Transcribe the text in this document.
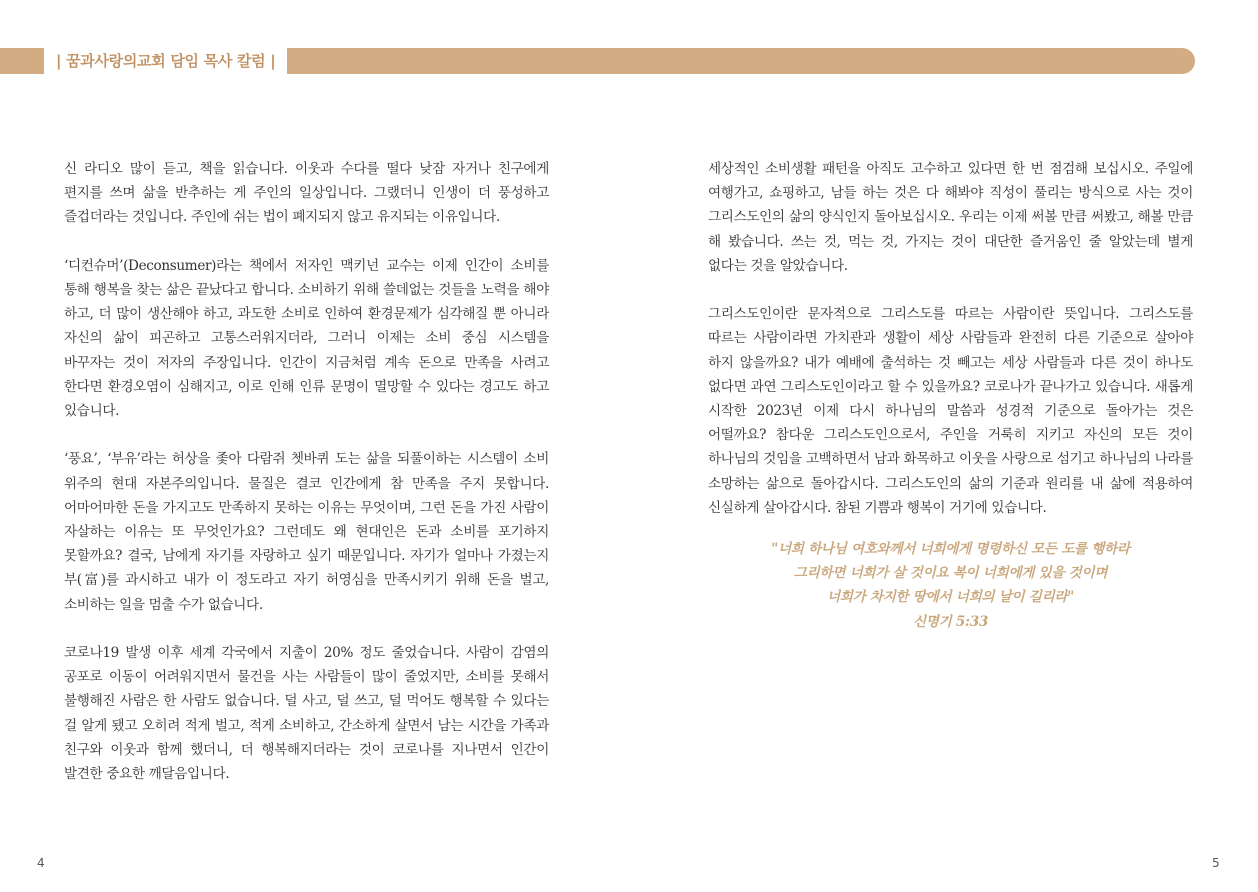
| 꿈과사랑의교회 담임 목사 칼럼 |

신 라디오 많이 듣고, 책을 읽습니다. 이웃과 수다를 떨다 낮잠 자거나 친구에게 편지를 쓰며 삶을 반추하는 게 주인의 일상입니다. 그랬더니 인생이 더 풍성하고 즐겁더라는 것입니다. 주인에 쉬는 법이 폐지되지 않고 유지되는 이유입니다.

‘디컨슈머’(Deconsumer)라는 책에서 저자인 맥키넌 교수는 이제 인간이 소비를 통해 행복을 찾는 삶은 끝났다고 합니다. 소비하기 위해 쓸데없는 것들을 노력을 해야 하고, 더 많이 생산해야 하고, 과도한 소비로 인하여 환경문제가 심각해질 뿐 아니라 자신의 삶이 피곤하고 고통스러워지더라, 그러니 이제는 소비 중심 시스템을 바꾸자는 것이 저자의 주장입니다. 인간이 지금처럼 계속 돈으로 만족을 사려고 한다면 환경오염이 심해지고, 이로 인해 인류 문명이 멸망할 수 있다는 경고도 하고 있습니다.

‘풍요’, ‘부유’라는 허상을 좇아 다람쥐 쳇바퀴 도는 삶을 되풀이하는 시스템이 소비 위주의 현대 자본주의입니다. 물질은 결코 인간에게 참 만족을 주지 못합니다. 어마어마한 돈을 가지고도 만족하지 못하는 이유는 무엇이며, 그런 돈을 가진 사람이 자살하는 이유는 또 무엇인가요? 그런데도 왜 현대인은 돈과 소비를 포기하지 못할까요? 결국, 남에게 자기를 자랑하고 싶기 때문입니다. 자기가 얼마나 가졌는지 부(富)를 과시하고 내가 이 정도라고 자기 허영심을 만족시키기 위해 돈을 벌고, 소비하는 일을 멈출 수가 없습니다.

코로나19 발생 이후 세계 각국에서 지출이 20% 정도 줄었습니다. 사람이 감염의 공포로 이동이 어려워지면서 물건을 사는 사람들이 많이 줄었지만, 소비를 못해서 불행해진 사람은 한 사람도 없습니다. 덜 사고, 덜 쓰고, 덜 먹어도 행복할 수 있다는 걸 알게 됐고 오히려 적게 벌고, 적게 소비하고, 간소하게 살면서 남는 시간을 가족과 친구와 이웃과 함께 했더니, 더 행복해지더라는 것이 코로나를 지나면서 인간이 발견한 중요한 깨달음입니다.

세상적인 소비생활 패턴을 아직도 고수하고 있다면 한 번 점검해 보십시오. 주일에 여행가고, 쇼핑하고, 남들 하는 것은 다 해봐야 직성이 풀리는 방식으로 사는 것이 그리스도인의 삶의 양식인지 돌아보십시오. 우리는 이제 써볼 만큼 써봤고, 해볼 만큼 해 봤습니다. 쓰는 것, 먹는 것, 가지는 것이 대단한 즐거움인 줄 알았는데 별게 없다는 것을 알았습니다.

그리스도인이란 문자적으로 그리스도를 따르는 사람이란 뜻입니다. 그리스도를 따르는 사람이라면 가치관과 생활이 세상 사람들과 완전히 다른 기준으로 살아야 하지 않을까요? 내가 예배에 출석하는 것 빼고는 세상 사람들과 다른 것이 하나도 없다면 과연 그리스도인이라고 할 수 있을까요? 코로나가 끝나가고 있습니다. 새롭게 시작한 2023년 이제 다시 하나님의 말씀과 성경적 기준으로 돌아가는 것은 어떨까요? 참다운 그리스도인으로서, 주인을 거룩히 지키고 자신의 모든 것이 하나님의 것임을 고백하면서 남과 화목하고 이웃을 사랑으로 섬기고 하나님의 나라를 소망하는 삶으로 돌아갑시다. 그리스도인의 삶의 기준과 원리를 내 삶에 적용하여 신실하게 살아갑시다. 참된 기쁨과 행복이 거기에 있습니다.

"너희 하나님 여호와께서 너희에게 명령하신 모든 도를 행하라
그리하면 너희가 살 것이요 복이 너희에게 있을 것이며
너희가 차지한 땅에서 너희의 날이 길리라"
신명기 5:33
4	5
